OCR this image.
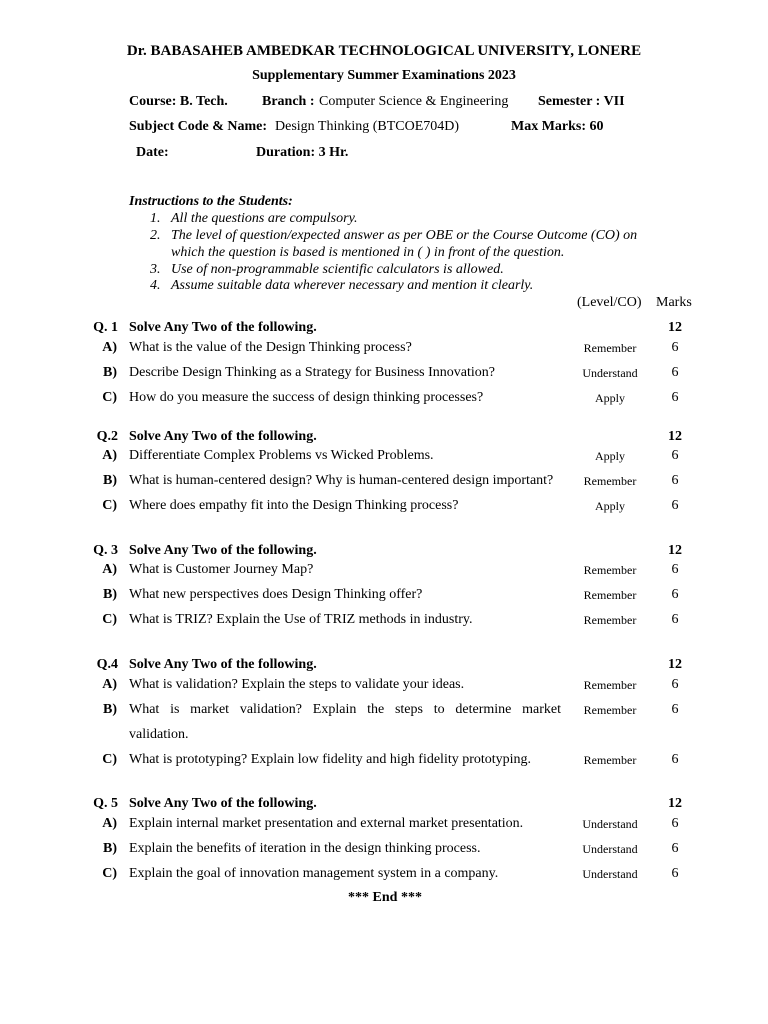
Dr. BABASAHEB AMBEDKAR TECHNOLOGICAL UNIVERSITY, LONERE
Supplementary Summer Examinations 2023
Course: B. Tech. Branch : Computer Science & Engineering Semester : VII
Subject Code & Name: Design Thinking (BTCOE704D)	Max Marks: 60
Date:	Duration: 3 Hr.
Instructions to the Students:
1. All the questions are compulsory.
2. The level of question/expected answer as per OBE or the Course Outcome (CO) on
which the question is based is mentioned in ( ) in front of the question.
3. Use of non-programmable scientific calculators is allowed.
4. Assume suitable data wherever necessary and mention it clearly.
(Level/CO) Marks
Q. 1 Solve Any Two of the following.	12
A) What is the value of the Design Thinking process?	Remember	6
B) Describe Design Thinking as a Strategy for Business Innovation?	Understand	6
C) How do you measure the success of design thinking processes?	Apply	6
Q.2 Solve Any Two of the following.	12
A) Differentiate Complex Problems vs Wicked Problems.	Apply	6
B) What is human-centered design? Why is human-centered design important?	Remember	6
C) Where does empathy fit into the Design Thinking process?	Apply	6
Q. 3 Solve Any Two of the following.	12
A) What is Customer Journey Map?	Remember	6
B) What new perspectives does Design Thinking offer?	Remember	6
C) What is TRIZ? Explain the Use of TRIZ methods in industry.	Remember	6
Q.4 Solve Any Two of the following.	12
A) What is validation? Explain the steps to validate your ideas.	Remember	6
B) What is market validation? Explain the steps to determine market	Remember	6
validation.
C) What is prototyping? Explain low fidelity and high fidelity prototyping.	Remember	6
Q. 5 Solve Any Two of the following.	12
A) Explain internal market presentation and external market presentation.	Understand	6
B) Explain the benefits of iteration in the design thinking process.	Understand	6
C) Explain the goal of innovation management system in a company.	Understand	6
*** End ***
